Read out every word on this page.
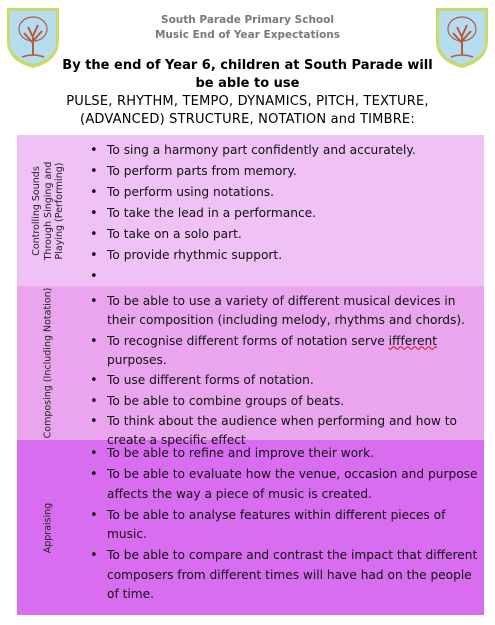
South Parade Primary School
Music End of Year Expectations
By the end of Year 6, children at South Parade will be able to use
PULSE, RHYTHM, TEMPO, DYNAMICS, PITCH, TEXTURE,
(ADVANCED) STRUCTURE, NOTATION and TIMBRE:
Controlling Sounds Through Singing and Playing (Performing)
• To sing a harmony part confidently and accurately.
• To perform parts from memory.
• To perform using notations.
• To take the lead in a performance.
• To take on a solo part.
• To provide rhythmic support.
•
Composing (Including Notation)
•	To be able to use a variety of different musical devices in their composition (including melody, rhythms and chords).
• To recognise different forms of notation serve iffferent purposes.
• To use different forms of notation.
• To be able to combine groups of beats.
• To think about the audience when performing and how to create a specific effect
Appraising
• To be able to refine and improve their work.
• To be able to evaluate how the venue, occasion and purpose affects the way a piece of music is created.
• To be able to analyse features within different pieces of music.
• To be able to compare and contrast the impact that different composers from different times will have had on the people of time.
